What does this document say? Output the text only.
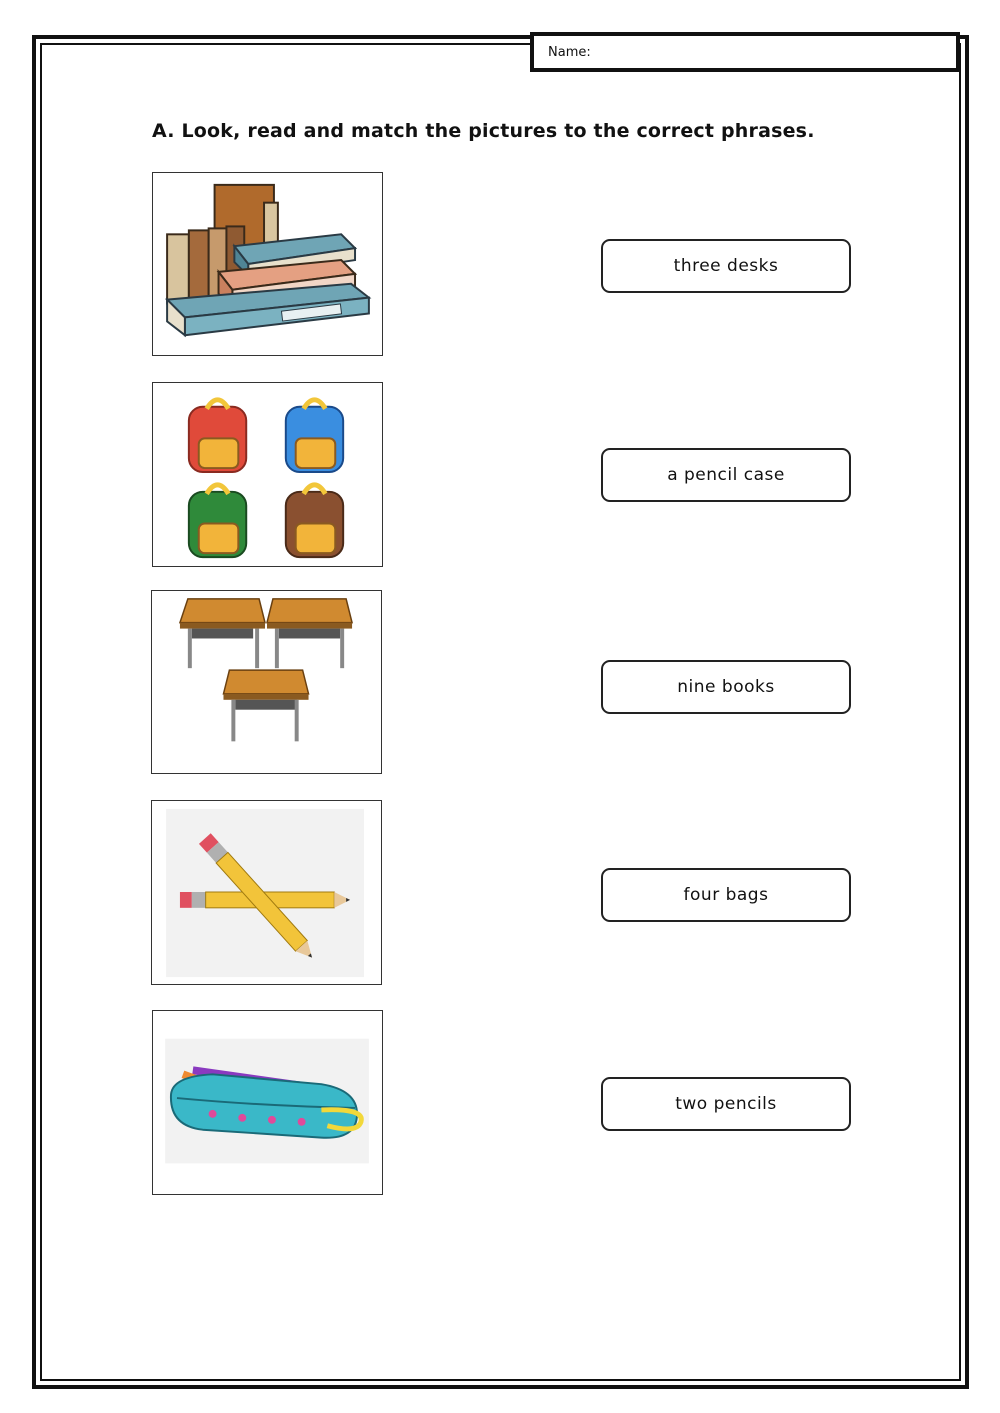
Name:
A. Look, read and match the pictures to the correct phrases.
three desks
a pencil case
nine books
four bags
two pencils
